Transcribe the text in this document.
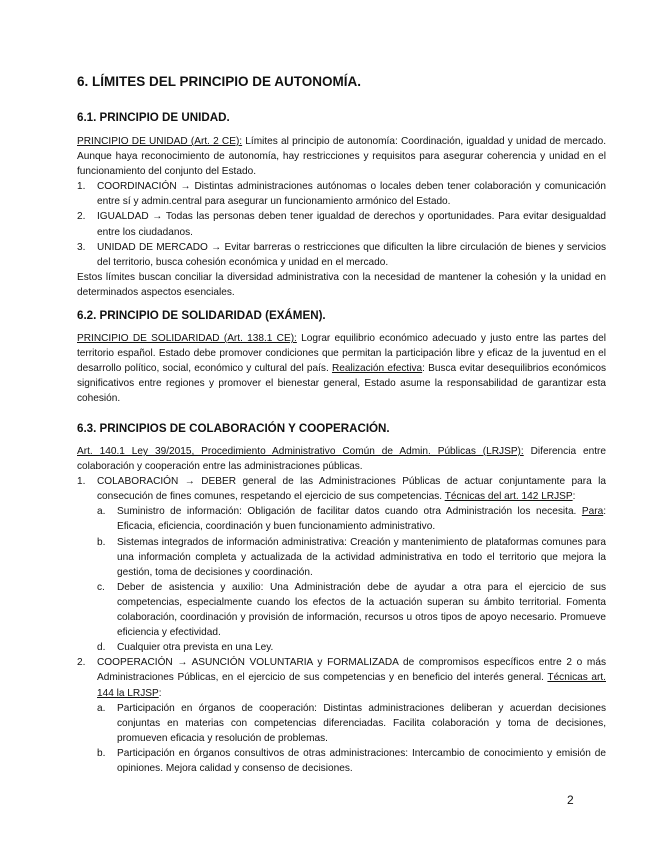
6. LÍMITES DEL PRINCIPIO DE AUTONOMÍA.
6.1. PRINCIPIO DE UNIDAD.

PRINCIPIO DE UNIDAD (Art. 2 CE): Límites al principio de autonomía: Coordinación, igualdad y unidad de mercado. Aunque haya reconocimiento de autonomía, hay restricciones y requisitos para asegurar coherencia y unidad en el funcionamiento del conjunto del Estado.

1. COORDINACIÓN → Distintas administraciones autónomas o locales deben tener colaboración y comunicación entre sí y admin.central para asegurar un funcionamiento armónico del Estado.
2. IGUALDAD → Todas las personas deben tener igualdad de derechos y oportunidades. Para evitar desigualdad entre los ciudadanos.
3. UNIDAD DE MERCADO → Evitar barreras o restricciones que dificulten la libre circulación de bienes y servicios del territorio, busca cohesión económica y unidad en el mercado.

Estos límites buscan conciliar la diversidad administrativa con la necesidad de mantener la cohesión y la unidad en determinados aspectos esenciales.

6.2. PRINCIPIO DE SOLIDARIDAD (EXÁMEN).

PRINCIPIO DE SOLIDARIDAD (Art. 138.1 CE): Lograr equilibrio económico adecuado y justo entre las partes del territorio español. Estado debe promover condiciones que permitan la participación libre y eficaz de la juventud en el desarrollo político, social, económico y cultural del país. Realización efectiva: Busca evitar desequilibrios económicos significativos entre regiones y promover el bienestar general, Estado asume la responsabilidad de garantizar esta cohesión.

6.3. PRINCIPIOS DE COLABORACIÓN Y COOPERACIÓN.

Art. 140.1 Ley 39/2015, Procedimiento Administrativo Común de Admin. Públicas (LRJSP): Diferencia entre colaboración y cooperación entre las administraciones públicas.

1. COLABORACIÓN → DEBER general de las Administraciones Públicas de actuar conjuntamente para la consecución de fines comunes, respetando el ejercicio de sus competencias. Técnicas del art. 142 LRJSP:
a. Suministro de información: Obligación de facilitar datos cuando otra Administración los necesita. Para: Eficacia, eficiencia, coordinación y buen funcionamiento administrativo.
b. Sistemas integrados de información administrativa: Creación y mantenimiento de plataformas comunes para una información completa y actualizada de la actividad administrativa en todo el territorio que mejora la gestión, toma de decisiones y coordinación.
c. Deber de asistencia y auxilio: Una Administración debe de ayudar a otra para el ejercicio de sus competencias, especialmente cuando los efectos de la actuación superan su ámbito territorial. Fomenta colaboración, coordinación y provisión de información, recursos u otros tipos de apoyo necesario. Promueve eficiencia y efectividad.
d. Cualquier otra prevista en una Ley.
2. COOPERACIÓN → ASUNCIÓN VOLUNTARIA y FORMALIZADA de compromisos específicos entre 2 o más Administraciones Públicas, en el ejercicio de sus competencias y en beneficio del interés general. Técnicas art. 144 la LRJSP:
a. Participación en órganos de cooperación: Distintas administraciones deliberan y acuerdan decisiones conjuntas en materias con competencias diferenciadas. Facilita colaboración y toma de decisiones, promueven eficacia y resolución de problemas.
b. Participación en órganos consultivos de otras administraciones: Intercambio de conocimiento y emisión de opiniones. Mejora calidad y consenso de decisiones.
2
